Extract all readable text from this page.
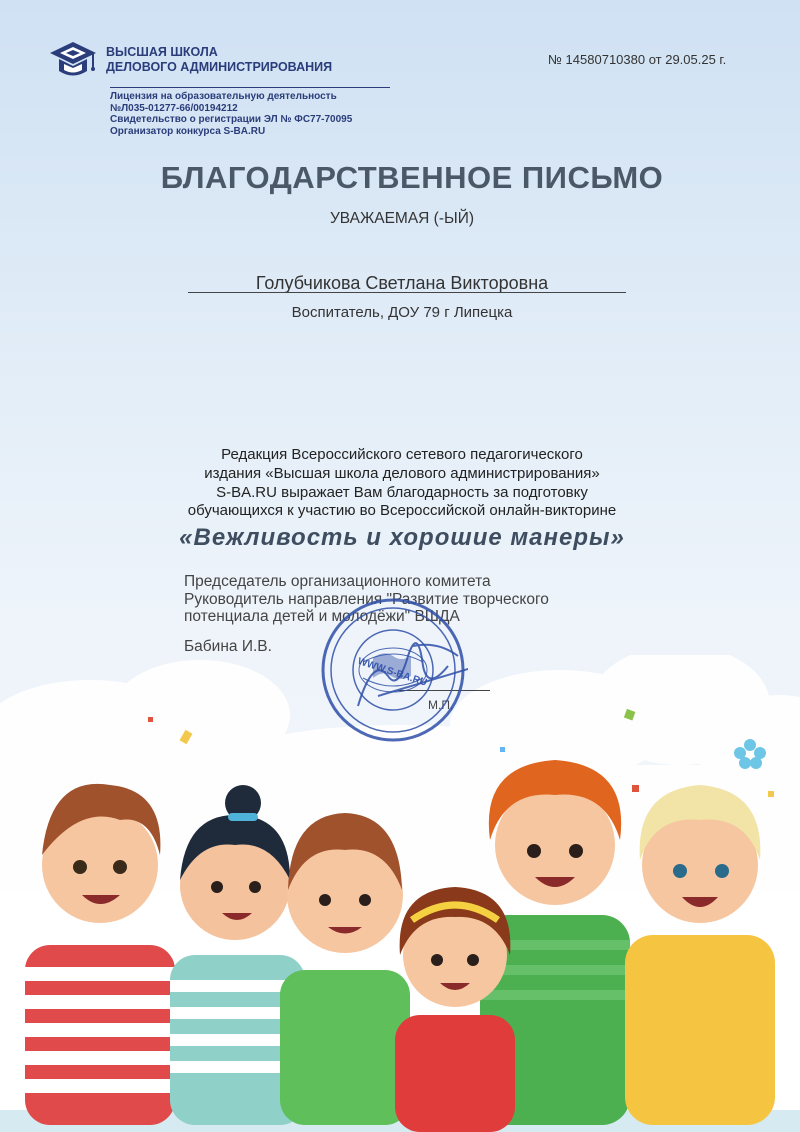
ВЫСШАЯ ШКОЛА
ДЕЛОВОГО АДМИНИСТРИРОВАНИЯ
Лицензия на образовательную деятельность
№Л035-01277-66/00194212
Свидетельство о регистрации ЭЛ № ФС77-70095
Организатор конкурса S-BA.RU
№ 14580710380 от 29.05.25 г.
БЛАГОДАРСТВЕННОЕ ПИСЬМО
УВАЖАЕМАЯ (-ЫЙ)
Голубчикова Светлана Викторовна
Воспитатель, ДОУ 79 г Липецка
Редакция Всероссийского сетевого педагогического
издания «Высшая школа делового администрирования»
S-BA.RU выражает Вам благодарность за подготовку
обучающихся к участию во Всероссийской онлайн-викторине
«Вежливость и хорошие манеры»
Председатель организационного комитета
Руководитель направления "Развитие творческого
потенциала детей и молодёжи" ВШДА
Бабина И.В.
М.П.
WWW.S-BA.RU
